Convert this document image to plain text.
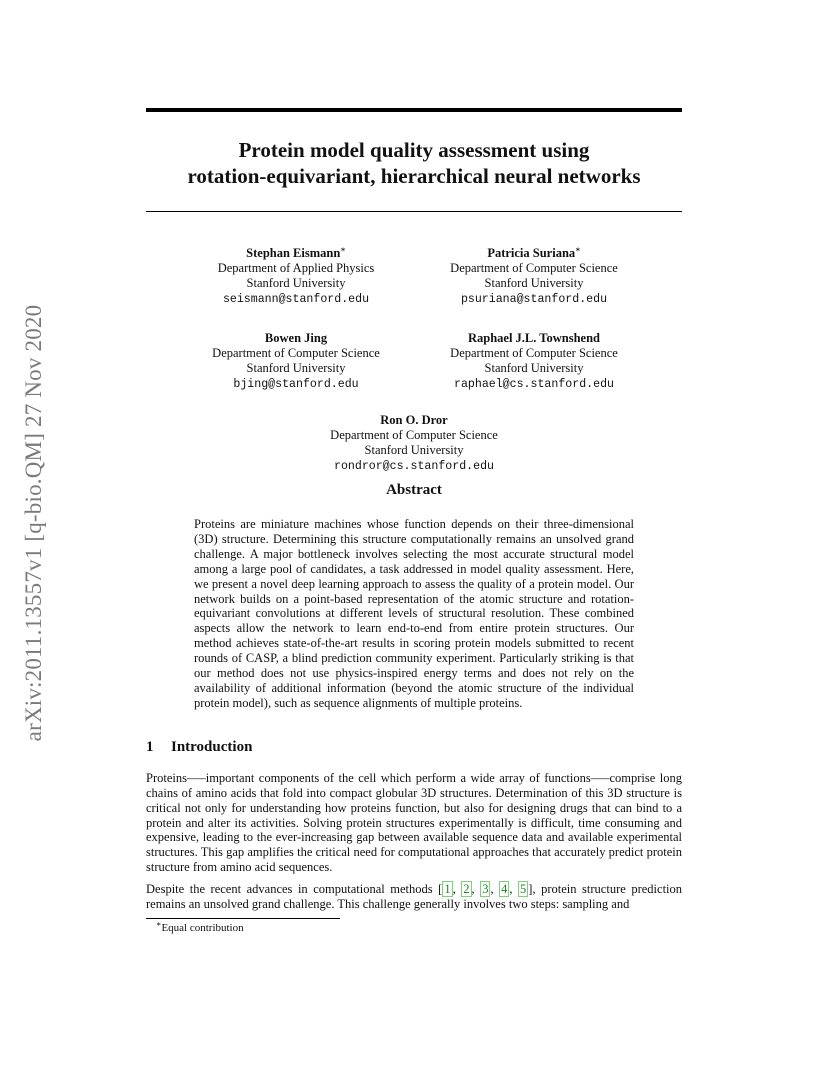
arXiv:2011.13557v1 [q-bio.QM] 27 Nov 2020
Protein model quality assessment using
rotation-equivariant, hierarchical neural networks
Stephan Eismann∗
Department of Applied Physics
Stanford University
seismann@stanford.edu
Patricia Suriana∗
Department of Computer Science
Stanford University
psuriana@stanford.edu
Bowen Jing
Department of Computer Science
Stanford University
bjing@stanford.edu
Raphael J.L. Townshend
Department of Computer Science
Stanford University
raphael@cs.stanford.edu
Ron O. Dror
Department of Computer Science
Stanford University
rondror@cs.stanford.edu
Abstract
Proteins are miniature machines whose function depends on their three-dimensional (3D) structure. Determining this structure computationally remains an unsolved grand challenge. A major bottleneck involves selecting the most accurate structural model among a large pool of candidates, a task addressed in model quality assessment. Here, we present a novel deep learning approach to assess the quality of a protein model. Our network builds on a point-based representation of the atomic structure and rotation-equivariant convolutions at different levels of structural resolution. These combined aspects allow the network to learn end-to-end from entire protein structures. Our method achieves state-of-the-art results in scoring protein models submitted to recent rounds of CASP, a blind prediction community experiment. Particularly striking is that our method does not use physics-inspired energy terms and does not rely on the availability of additional information (beyond the atomic structure of the individual protein model), such as sequence alignments of multiple proteins.
1 Introduction
Proteins—–important components of the cell which perform a wide array of functions—–comprise long chains of amino acids that fold into compact globular 3D structures. Determination of this 3D structure is critical not only for understanding how proteins function, but also for designing drugs that can bind to a protein and alter its activities. Solving protein structures experimentally is difficult, time consuming and expensive, leading to the ever-increasing gap between available sequence data and available experimental structures. This gap amplifies the critical need for computational approaches that accurately predict protein structure from amino acid sequences.
Despite the recent advances in computational methods [ 1 , 2 , 3 , 4 , 5 ], protein structure prediction remains an unsolved grand challenge. This challenge generally involves two steps: sampling and
∗Equal contribution
